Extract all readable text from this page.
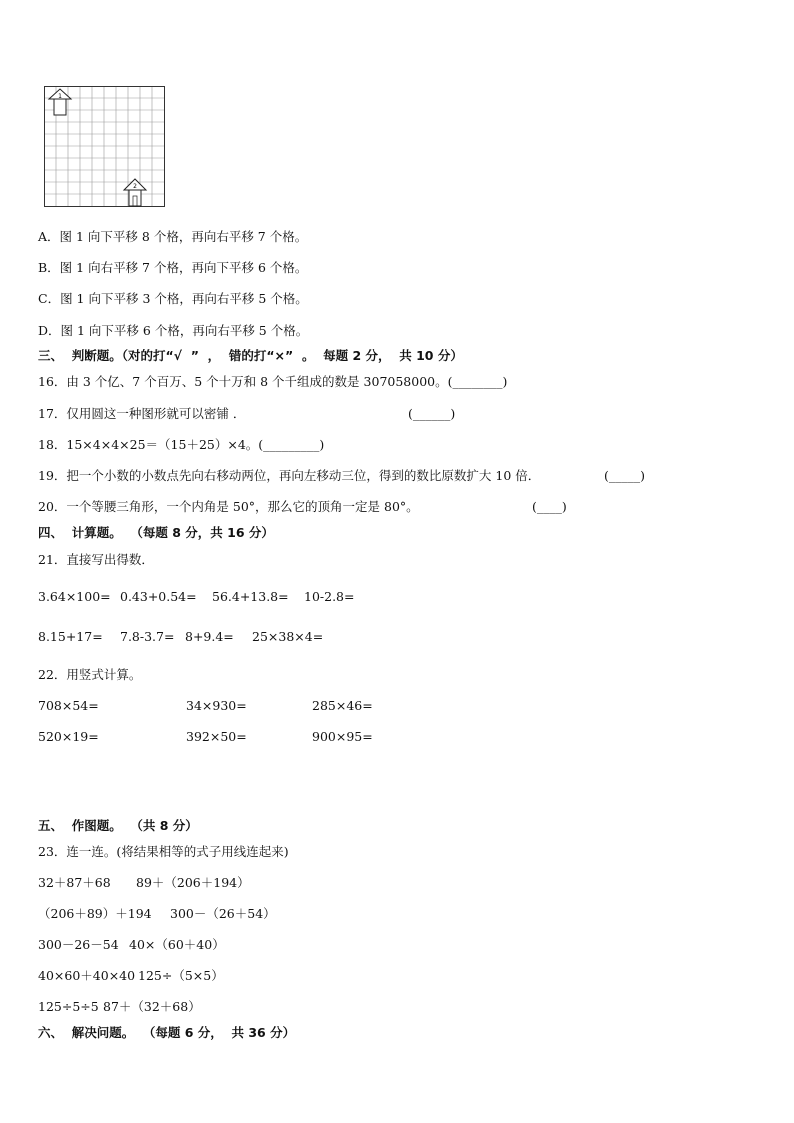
1
2
A．图 1 向下平移 8 个格，再向右平移 7 个格。
B．图 1 向右平移 7 个格，再向下平移 6 个格。
C．图 1 向下平移 3 个格，再向右平移 5 个格。
D．图 1 向下平移 6 个格，再向右平移 5 个格。
三、  判断题。（对的打“√  ”  ，  错的打“×”  。  每题 2 分，  共 10 分）
16．由 3 个亿、7 个百万、5 个十万和 8 个千组成的数是 307058000。(________)
17．仅用圆这一种图形就可以密铺 ．	(______)
18．15×4×4×25＝（15＋25）×4。(_________)
19．把一个小数的小数点先向右移动两位，再向左移动三位，得到的数比原数扩大 10 倍．	(_____)
20．一个等腰三角形，一个内角是 50°，那么它的顶角一定是 80°。	(____)
四、  计算题。  （每题 8 分，共 16 分）
21．直接写出得数．
3.64×100= 0.43+0.54= 56.4+13.8= 10-2.8=
8.15+17= 7.8-3.7= 8+9.4= 25×38×4=
22．用竖式计算。
708×54=	34×930=	285×46=
520×19=	392×50=	900×95=
五、  作图题。  （共 8 分）
23．连一连。(将结果相等的式子用线连起来)
32＋87＋68 89＋（206＋194）
（206＋89）＋194 300－（26＋54）
300－26－54 40×（60＋40）
40×60＋40×40 125÷（5×5）
125÷5÷5 87＋（32＋68）
六、  解决问题。  （每题 6 分，  共 36 分）
